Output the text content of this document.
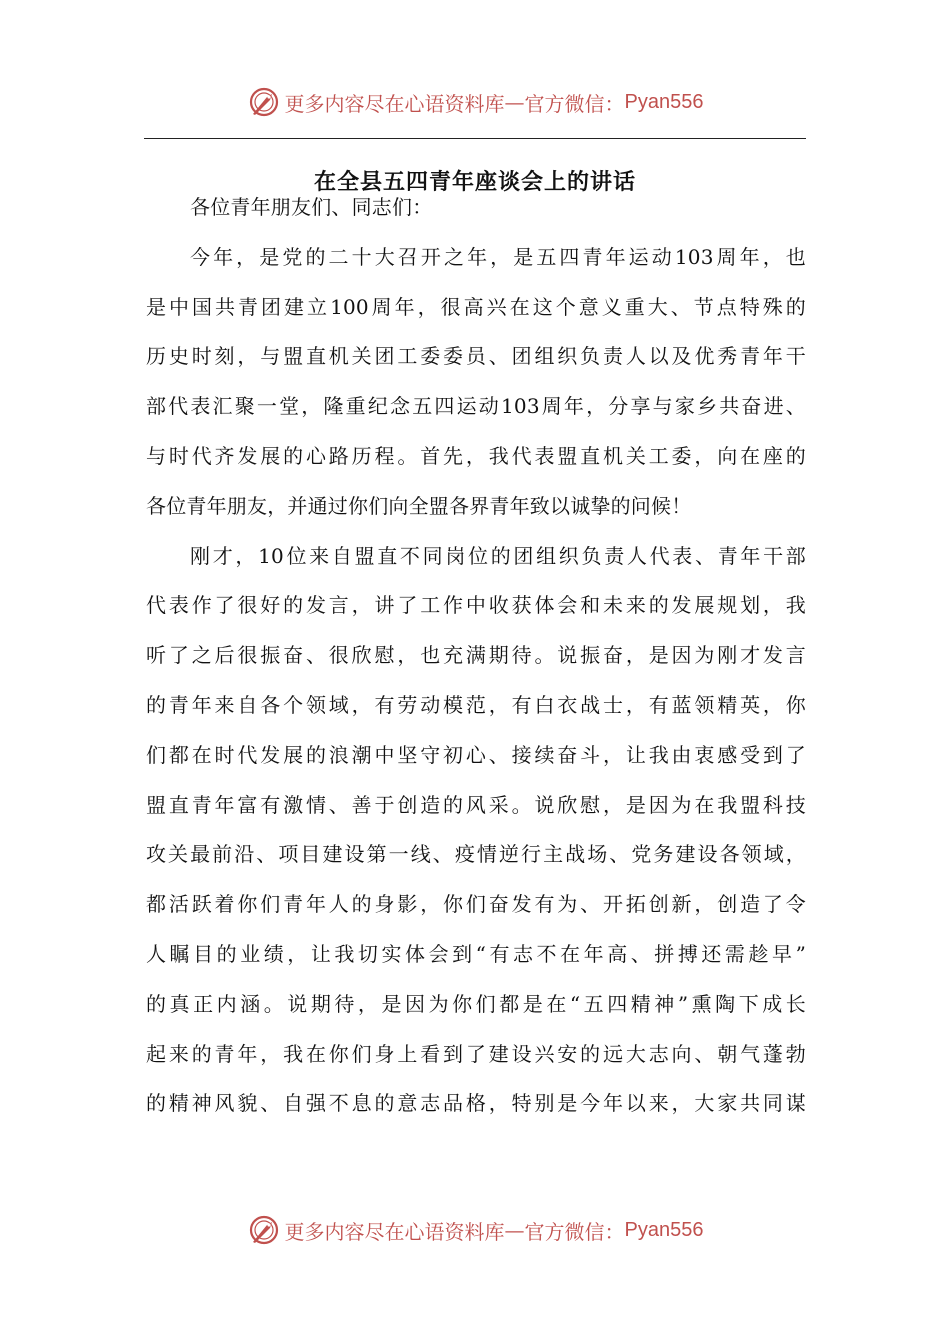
更多内容尽在心语资料库 — 官方微信： Pyan556
在全县五四青年座谈会上的讲话
各位青年朋友们、同志们：
今年，是党的二十大召开之年，是五四青年运动103周年，也
是中国共青团建立100周年，很高兴在这个意义重大、节点特殊的
历史时刻，与盟直机关团工委委员、团组织负责人以及优秀青年干
部代表汇聚一堂，隆重纪念五四运动103周年，分享与家乡共奋进、
与时代齐发展的心路历程。首先，我代表盟直机关工委，向在座的
各位青年朋友，并通过你们向全盟各界青年致以诚挚的问候！
刚才，10位来自盟直不同岗位的团组织负责人代表、青年干部
代表作了很好的发言，讲了工作中收获体会和未来的发展规划，我
听了之后很振奋、很欣慰，也充满期待。说振奋，是因为刚才发言
的青年来自各个领域，有劳动模范，有白衣战士，有蓝领精英，你
们都在时代发展的浪潮中坚守初心、接续奋斗，让我由衷感受到了
盟直青年富有激情、善于创造的风采。说欣慰，是因为在我盟科技
攻关最前沿、项目建设第一线、疫情逆行主战场、党务建设各领域，
都活跃着你们青年人的身影，你们奋发有为、开拓创新，创造了令
人瞩目的业绩，让我切实体会到“有志不在年高、拼搏还需趁早”
的真正内涵。说期待，是因为你们都是在“五四精神”熏陶下成长
起来的青年，我在你们身上看到了建设兴安的远大志向、朝气蓬勃
的精神风貌、自强不息的意志品格，特别是今年以来，大家共同谋
更多内容尽在心语资料库 — 官方微信： Pyan556
